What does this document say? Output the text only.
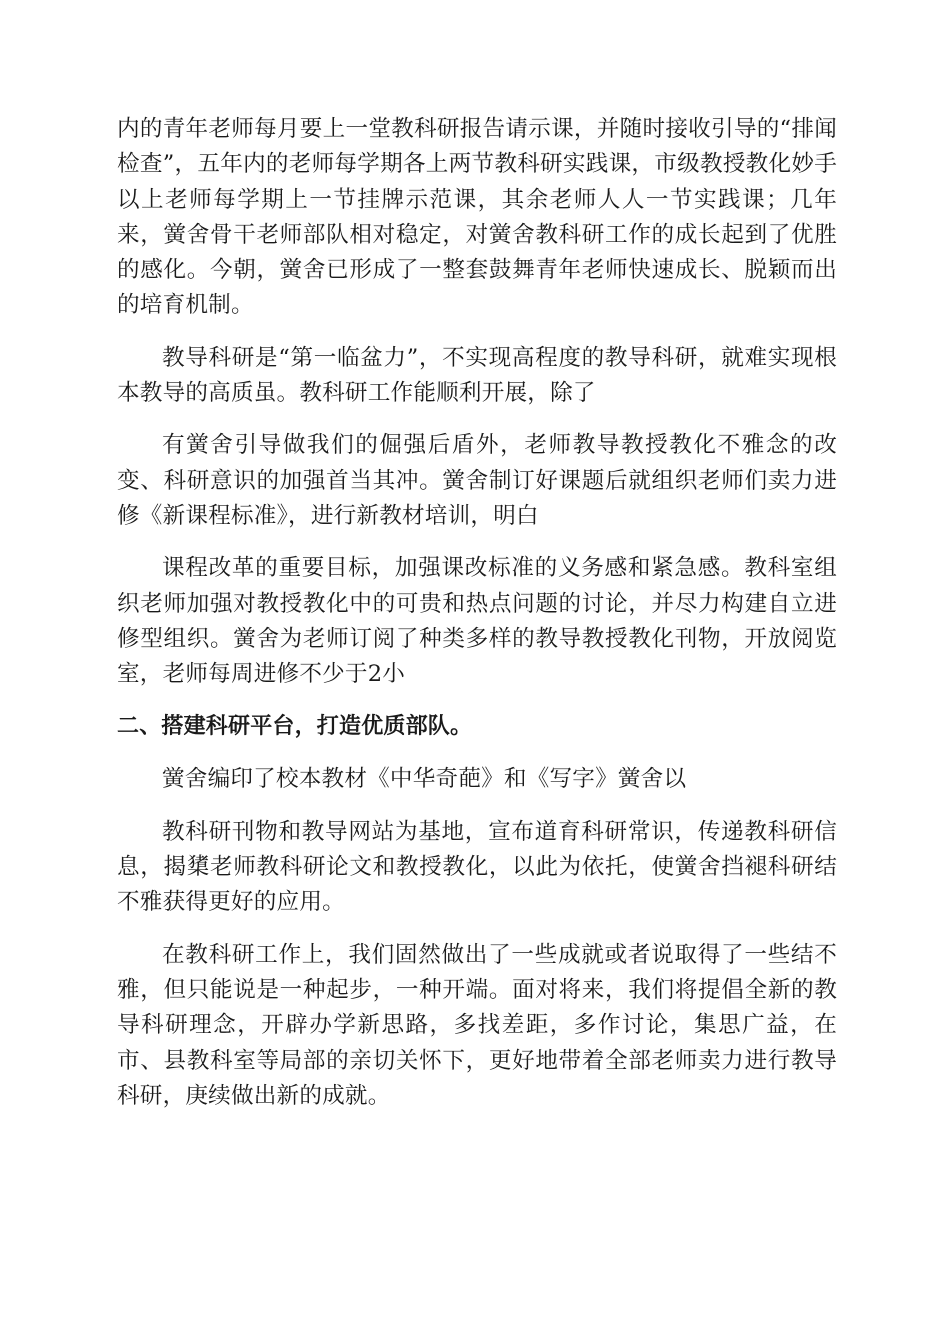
内的青年老师每月要上一堂教科研报告请示课，并随时接收引导的“排闻检查”，五年内的老师每学期各上两节教科研实践课，市级教授教化妙手以上老师每学期上一节挂牌示范课，其余老师人人一节实践课；几年来，黉舍骨干老师部队相对稳定，对黉舍教科研工作的成长起到了优胜的感化。今朝，黉舍已形成了一整套鼓舞青年老师快速成长、脱颖而出的培育机制。

教导科研是“第一临盆力”，不实现高程度的教导科研，就难实现根本教导的高质虽。教科研工作能顺利开展，除了

有黉舍引导做我们的倔强后盾外，老师教导教授教化不雅念的改变、科研意识的加强首当其冲。黉舍制订好课题后就组织老师们卖力进修《新课程标准》，进行新教材培训，明白

课程改革的重要目标，加强课改标准的义务感和紧急感。教科室组织老师加强对教授教化中的可贵和热点问题的讨论，并尽力构建自立进修型组织。黉舍为老师订阅了种类多样的教导教授教化刊物，开放阅览室，老师每周进修不少于2小

二、搭建科研平台，打造优质部队。

黉舍编印了校本教材《中华奇葩》和《写字》黉舍以

教科研刊物和教导网站为基地，宣布道育科研常识，传递教科研信息，揭橥老师教科研论文和教授教化，以此为依托，使黉舍挡褪科研结不雅获得更好的应用。

在教科研工作上，我们固然做出了一些成就或者说取得了一些结不雅，但只能说是一种起步，一种开端。面对将来，我们将提倡全新的教导科研理念，开辟办学新思路，多找差距，多作讨论，集思广益，在市、县教科室等局部的亲切关怀下，更好地带着全部老师卖力进行教导科研，庚续做出新的成就。
